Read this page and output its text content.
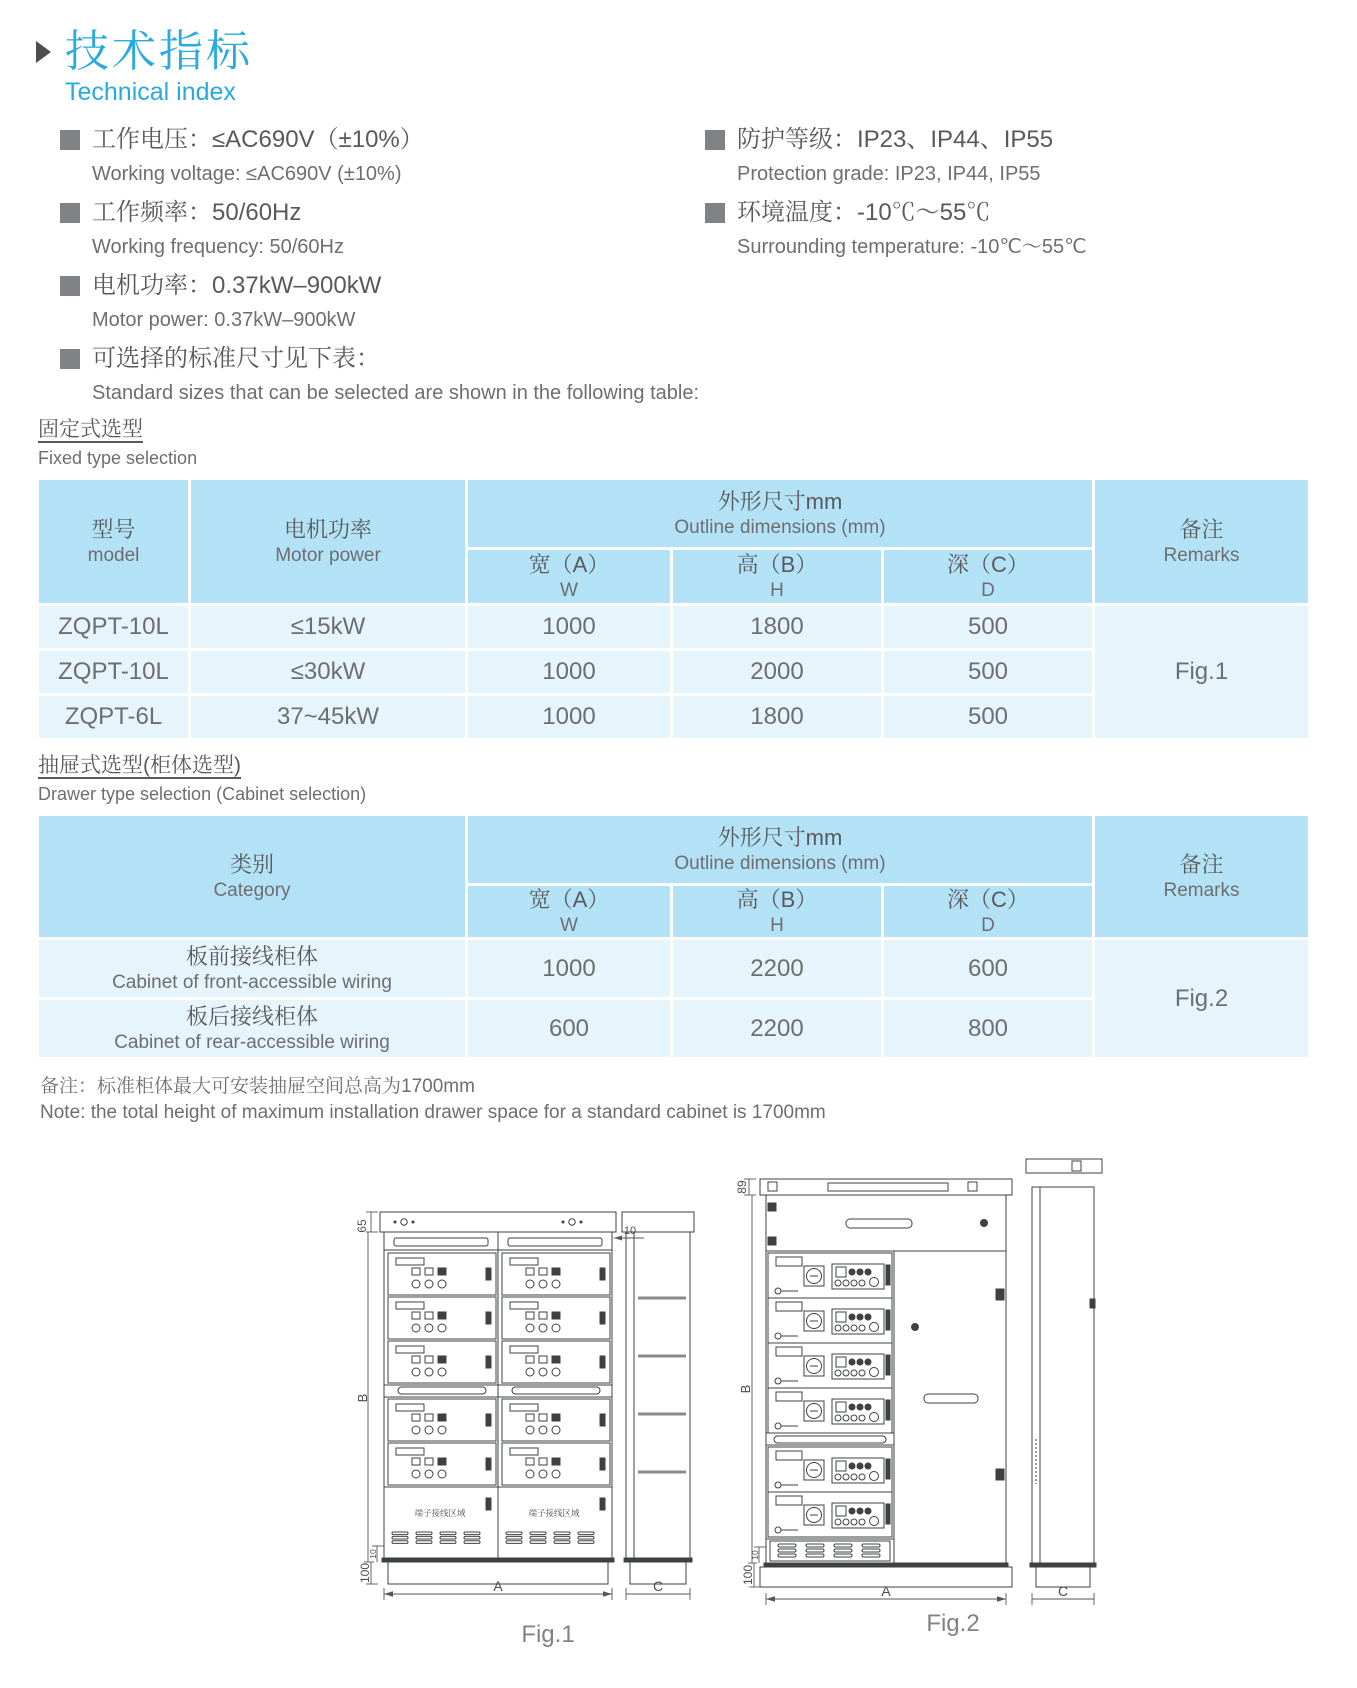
技术指标
Technical index
工作电压：≤AC690V（±10%）
Working voltage: ≤AC690V (±10%)
工作频率：50/60Hz
Working frequency: 50/60Hz
电机功率：0.37kW–900kW
Motor power: 0.37kW–900kW
防护等级：IP23、IP44、IP55
Protection grade: IP23, IP44, IP55
环境温度：-10℃～55℃
Surrounding temperature: -10℃～55℃
可选择的标准尺寸见下表：
Standard sizes that can be selected are shown in the following table:
固定式选型
Fixed type selection
型号
model

电机功率
Motor power

外形尺寸mm
Outline dimensions (mm)	备注
Remarks

宽（A）
W

高（B）
H

深（C）
D

ZQPT-10L	≤15kW	1000	1800	500	Fig.1
ZQPT-10L	≤30kW	1000	2000	500	
ZQPT-6L	37~45kW	1000	1800	500	
抽屉式选型(柜体选型)
Drawer type selection (Cabinet selection)
类别
Category

外形尺寸mm
Outline dimensions (mm)	备注
Remarks

宽（A）
W

高（B）
H

深（C）
D

板前接线柜体
Cabinet of front-accessible wiring	1000	2200	600	Fig.2

板后接线柜体
Cabinet of rear-accessible wiring	600	2200	800	
备注：标准柜体最大可安装抽屉空间总高为1700mm
Note: the total height of maximum installation drawer space for a standard cabinet is 1700mm
65	10
B
10
100
A	C
端子接线区域	端子接线区域
Fig.1
89
B
10
100
A	C
Fig.2
